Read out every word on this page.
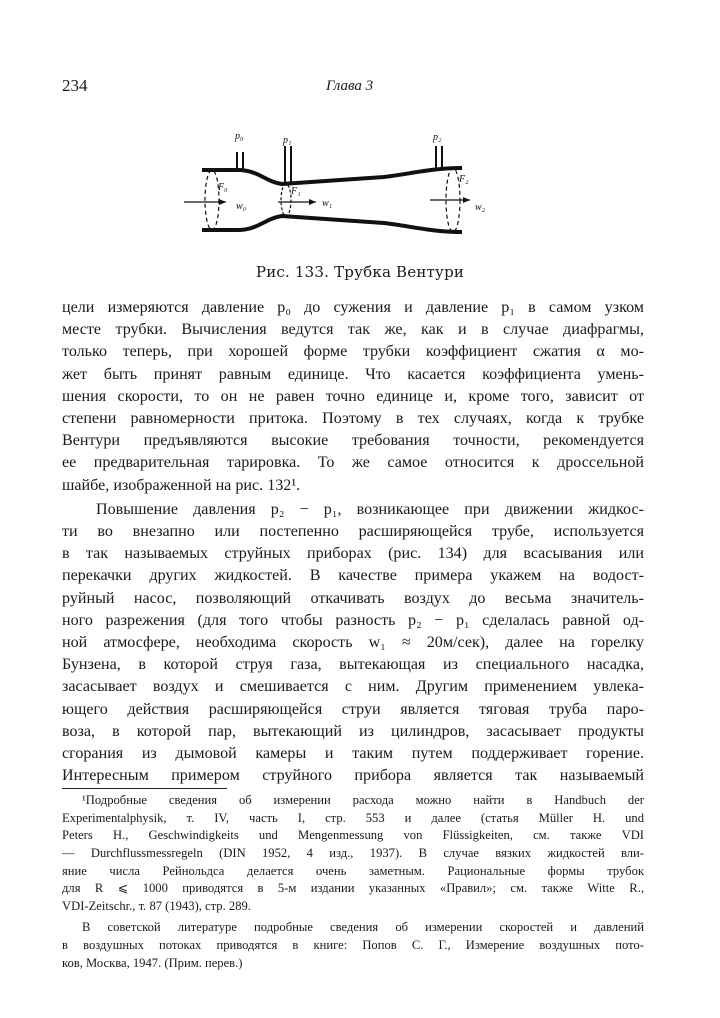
234	Глава 3
p₀	p₁	p₂
F₀	F₁
F₂
w₀	w₁	w₂
Рис. 133. Трубка Вентури
цели измеряются давление p₀ до сужения и давление p₁ в самом узком
месте трубки. Вычисления ведутся так же, как и в случае диафрагмы,
только теперь, при хорошей форме трубки коэффициент сжатия α мо-
жет быть принят равным единице. Что касается коэффициента умень-
шения скорости, то он не равен точно единице и, кроме того, зависит от
степени равномерности притока. Поэтому в тех случаях, когда к трубке
Вентури предъявляются высокие требования точности, рекомендуется
ее предварительная тарировка. То же самое относится к дроссельной
шайбе, изображенной на рис. 132¹.
Повышение давления p₂ − p₁, возникающее при движении жидкос-
ти во внезапно или постепенно расширяющейся трубе, используется
в так называемых струйных приборах (рис. 134) для всасывания или
перекачки других жидкостей. В качестве примера укажем на водост-
руйный насос, позволяющий откачивать воздух до весьма значитель-
ного разрежения (для того чтобы разность p₂ − p₁ сделалась равной од-
ной атмосфере, необходима скорость w₁ ≈ 20м/сек), далее на горелку
Бунзена, в которой струя газа, вытекающая из специального насадка,
засасывает воздух и смешивается с ним. Другим применением увлека-
ющего действия расширяющейся струи является тяговая труба паро-
воза, в которой пар, вытекающий из цилиндров, засасывает продукты
¹Подробные сведения об измерении расхода можно найти в Handbuch der
Experimentalphysik, т. IV, часть I, стр. 553 и далее (статья Müller H. und
Peters H., Geschwindigkeits und Mengenmessung von Flüssigkeiten, см. также VDI
— Durchflussmessregeln (DIN 1952, 4 изд., 1937). В случае вязких жидкостей вли-
яние числа Рейнольдса делается очень заметным. Рациональные формы трубок
для R ⩽ 1000 приводятся в 5-м издании указанных «Правил»; см. также Witte R.,
VDI-Zeitschr., т. 87 (1943), стр. 289.
В советской литературе подробные сведения об измерении скоростей и давлений
в воздушных потоках приводятся в книге: Попов С. Г., Измерение воздушных пото-
ков, Москва, 1947. (Прим. перев.)
сгорания из дымовой камеры и таким путем поддерживает горение.
Интересным примером струйного прибора является так называемый
